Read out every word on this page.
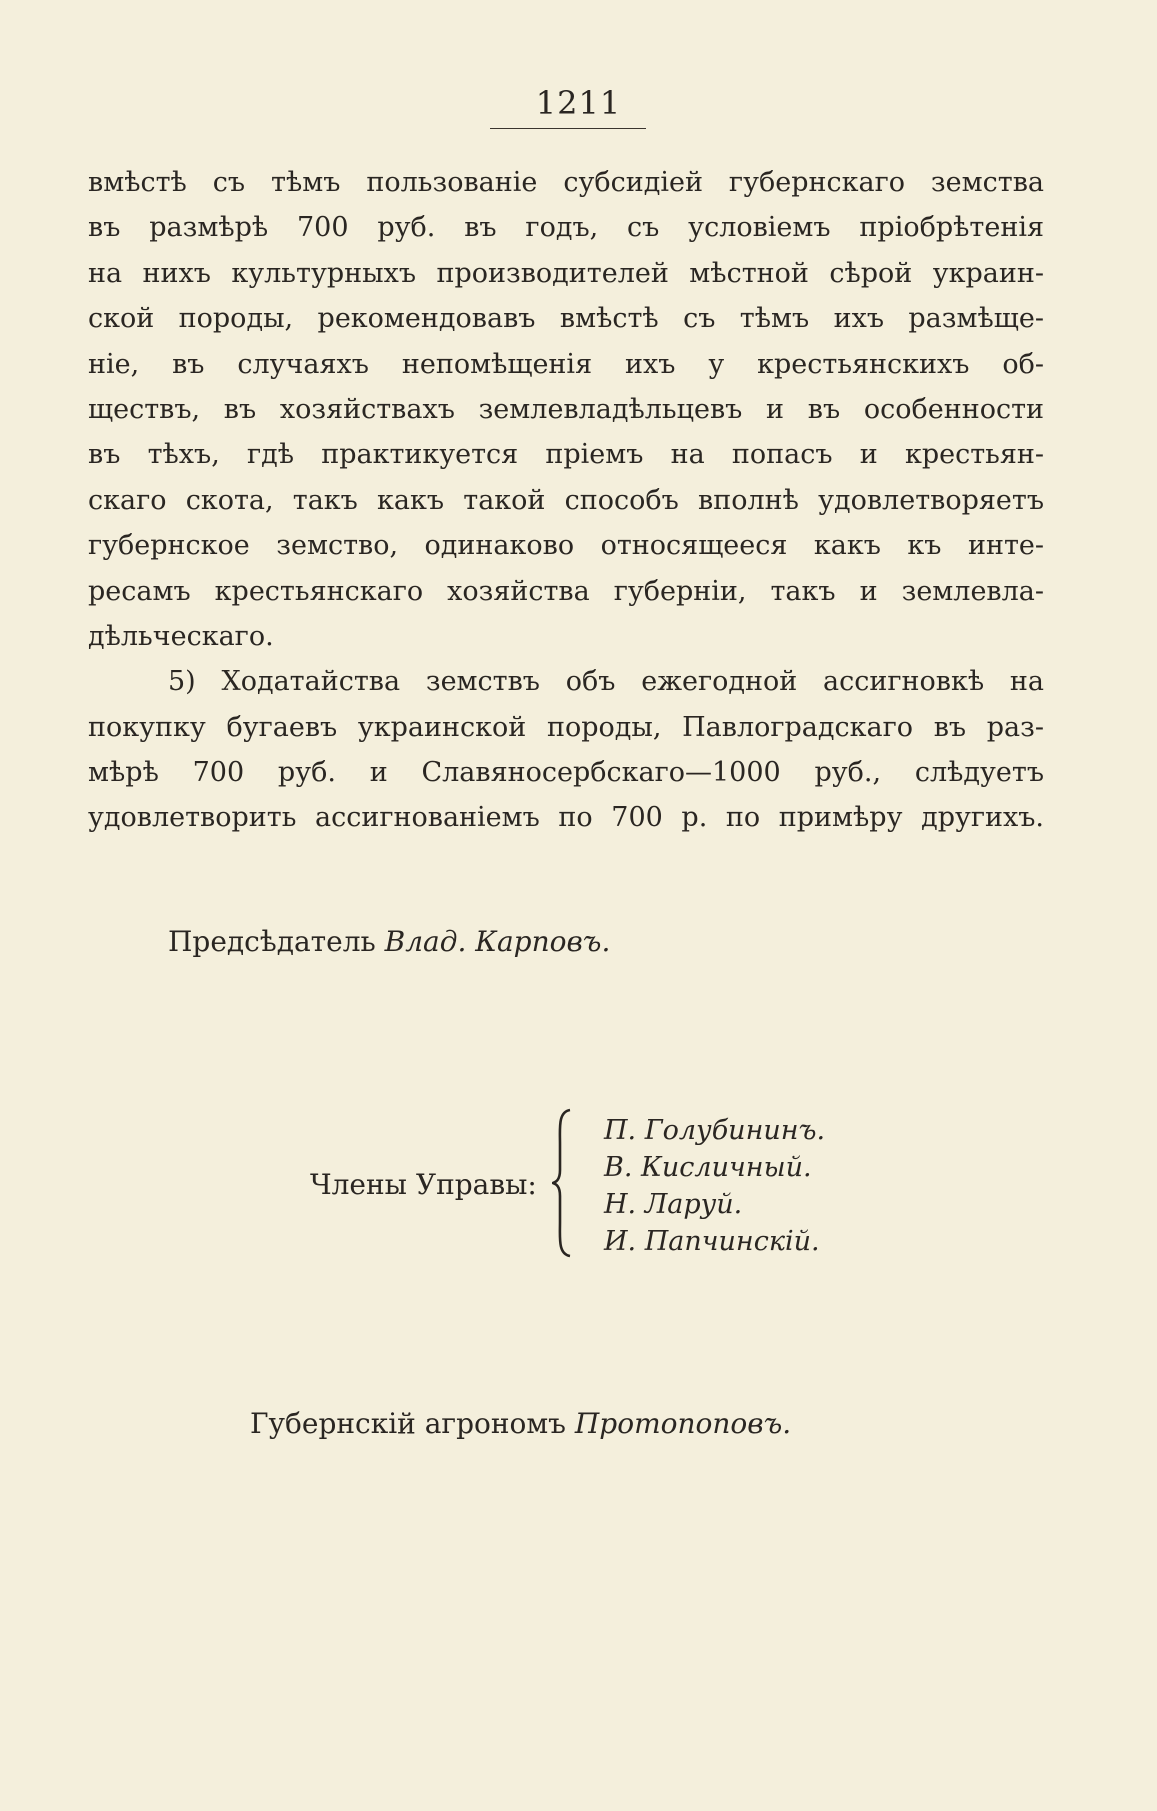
1211
вмѣстѣ съ тѣмъ пользованіе субсидіей губернскаго земства
въ размѣрѣ 700 руб. въ годъ, съ условіемъ пріобрѣтенія
на нихъ культурныхъ производителей мѣстной сѣрой украин-
ской породы, рекомендовавъ вмѣстѣ съ тѣмъ ихъ размѣще-
ніе, въ случаяхъ непомѣщенія ихъ у крестьянскихъ об-
ществъ, въ хозяйствахъ землевладѣльцевъ и въ особенности
въ тѣхъ, гдѣ практикуется пріемъ на попасъ и крестьян-
скаго скота, такъ какъ такой способъ вполнѣ удовлетворяетъ
губернское земство, одинаково относящееся какъ къ инте-
ресамъ крестьянскаго хозяйства губерніи, такъ и землевла-
дѣльческаго.
5) Ходатайства земствъ объ ежегодной ассигновкѣ на
покупку бугаевъ украинской породы, Павлоградскаго въ раз-
мѣрѣ 700 руб. и Славяносербскаго—1000 руб., слѣдуетъ
удовлетворить ассигнованіемъ по 700 р. по примѣру другихъ.
Предсѣдатель Влад. Карповъ.
Члены Управы:
П. Голубининъ.
В. Кисличный.
Н. Ларуй.
И. Папчинскій.
Губернскій агрономъ Протопоповъ.
